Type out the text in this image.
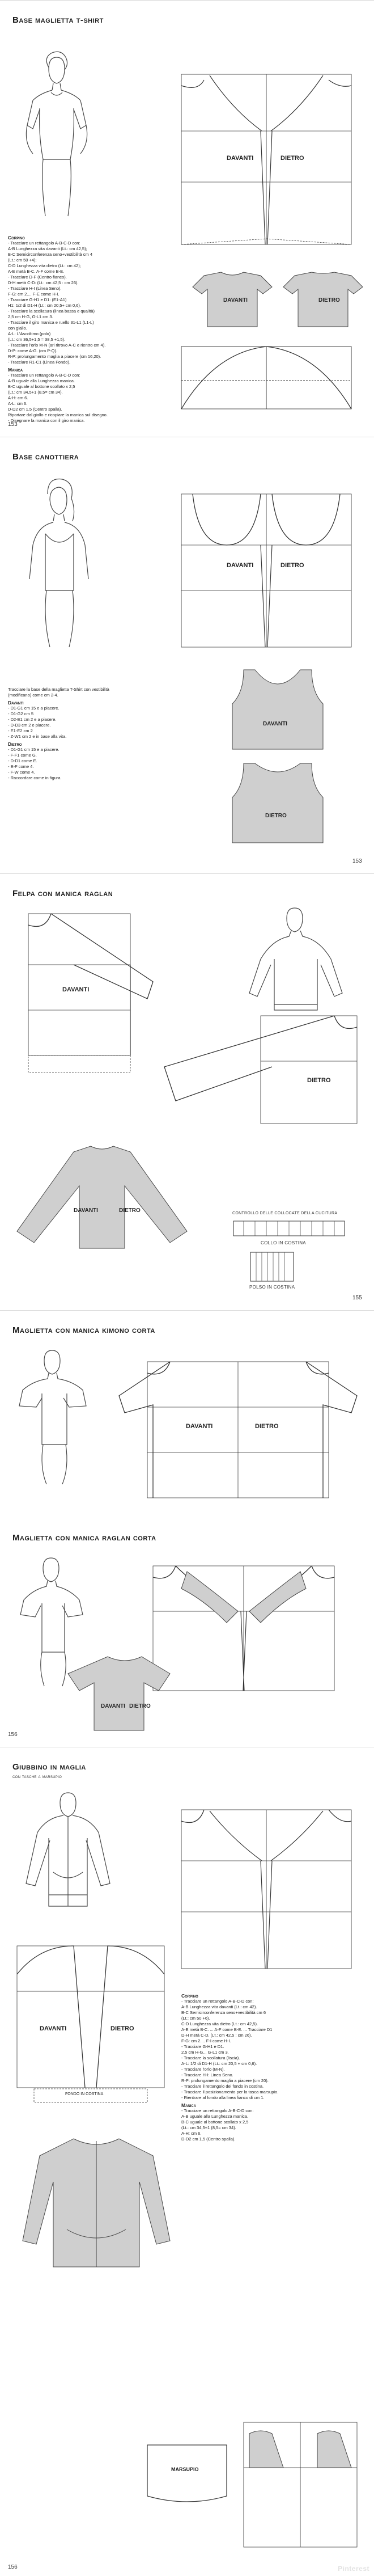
Base maglietta t-shirt
Corpino
- Tracciare un rettangolo A-B-C-D con:
A-B Lunghezza vita davanti (Lt.: cm 42,5);
B-C Semicirconferenza seno+vestibilità cm 4
(Lt.: cm 50 +4);
C-D Lunghezza vita dietro (Lt.: cm 42);
A-E metà B-C. A-F come B-E.
- Tracciare D-F (Centro fianco).
D-H metà C-D: (Lt.: cm 42,5 : cm 26).
- Tracciare H-I (Linea Seno).
F-G: cm 2.... F-E come H-I.
- Tracciare G-H1 e D1: (E1-A1)
H1: 1/2 di D1-H (Lt.: cm 20,5+ cm 0,6).
- Tracciare la scollatura (linea bassa e qualità)
2,5 cm H-G, G-L1 cm 3.
- Tracciare il giro manica e ruello 31-L1 (L1-L)
con giallo.
A-L: L'Ascoltimo (polo)
(Lt.: cm 36,5+1,5 = 38,5 +1,5).
- Tracciare l'orlo M-N (ari ritrovo A-C e rientro cm 4).
D-P: come A-G. (cm P-Q).
R-P: prolungamento maglia a piacere (cm 16,20).
- Tracciare R1-C1 (Linea Fondo).
Manica
- Tracciare un rettangolo A-B-C-D con:
A-B uguale alla Lunghezza manica.
B-C uguale al bottone scollato x 2,5
(Lt.: cm 34,5+1 (8,5= cm 34).
A-H: cm 6.
A-L: cm 6.
D-D2 cm 1,5 (Centro spalla).
Riportare dal giallo e ricopiare la manica sul disegno.
- Disegnare la manica con il giro manica.
DAVANTI	DIETRO
DAVANTI	DIETRO
153
Base canottiera
DAVANTI	DIETRO
Tracciare la base della maglietta T-Shirt con vestibilità
(modificano) come cm 2-4.
Davanti
- D1-G1 cm 15 e a piacere.
- D1-G2 cm 5
- D2-E1 cm 2 e a piacere.
- D-D3 cm 2 e piacere.
- E1-E2 cm 2
- Z-W1 cm 2 e in base alla vita.
Dietro
- D1-G1 cm 15 e a piacere.
- F-F1 come G.
- D-D1 come E.
- E-F come 4.
- F-W come 4.
- Raccordare come in figura.
DAVANTI
DIETRO
153
Felpa con manica raglan
DAVANTI
DIETRO
DAVANTI	DIETRO	CONTROLLO DELLE COLLOCATE DELLA CUCITURA
COLLO IN COSTINA
POLSO IN COSTINA
155
Maglietta con manica kimono corta
DAVANTI	DIETRO
Maglietta con manica raglan corta
DAVANTI DIETRO
156
Giubbino in maglia
con tasche a marsupio
DAVANTI	DIETRO
FONDO IN COSTINA
Corpino
- Tracciare un rettangolo A-B-C-D con:
A-B Lunghezza vita davanti (Lt.: cm 42).
B-C Semicirconferenza seno+vestibilità cm 6
(Lt.: cm 50 +6).
C-D Lunghezza vita dietro (Lt.: cm 42,5).
A-E metà B-C. ... A-F come B-E. ... Tracciare D1
D-H metà C-D. (Lt.: cm 42,5 : cm 26).
F-G: cm 2.... F-I come H-I.
- Tracciare G-H1 e D1.
2,5 cm H-G... G-L1 cm 3.
- Tracciare la scollatura (liscia).
A-L: 1/2 di D1-H (Lt.: cm 20,5 + cm 0,6).
- Tracciare l'orlo (M-N).
- Tracciare H-I: Linea Seno.
R-P: prolungamento maglia a piacere (cm 20).
- Tracciare il rettangolo del fondo in costina.
- Tracciare il posizionamento per la tasca marsupio.
- Rientrare al fondo alla linea fianco di cm 1.
Manica
- Tracciare un rettangolo A-B-C-D con:
A-B uguale alla Lunghezza manica.
B-C uguale al bottone scollato x 2,5
(Lt.: cm 34,5+1 (8,5= cm 34).
A-H: cm 6.
D-D2 cm 1,5 (Centro spalla).
MARSUPIO
156	Pinterest
